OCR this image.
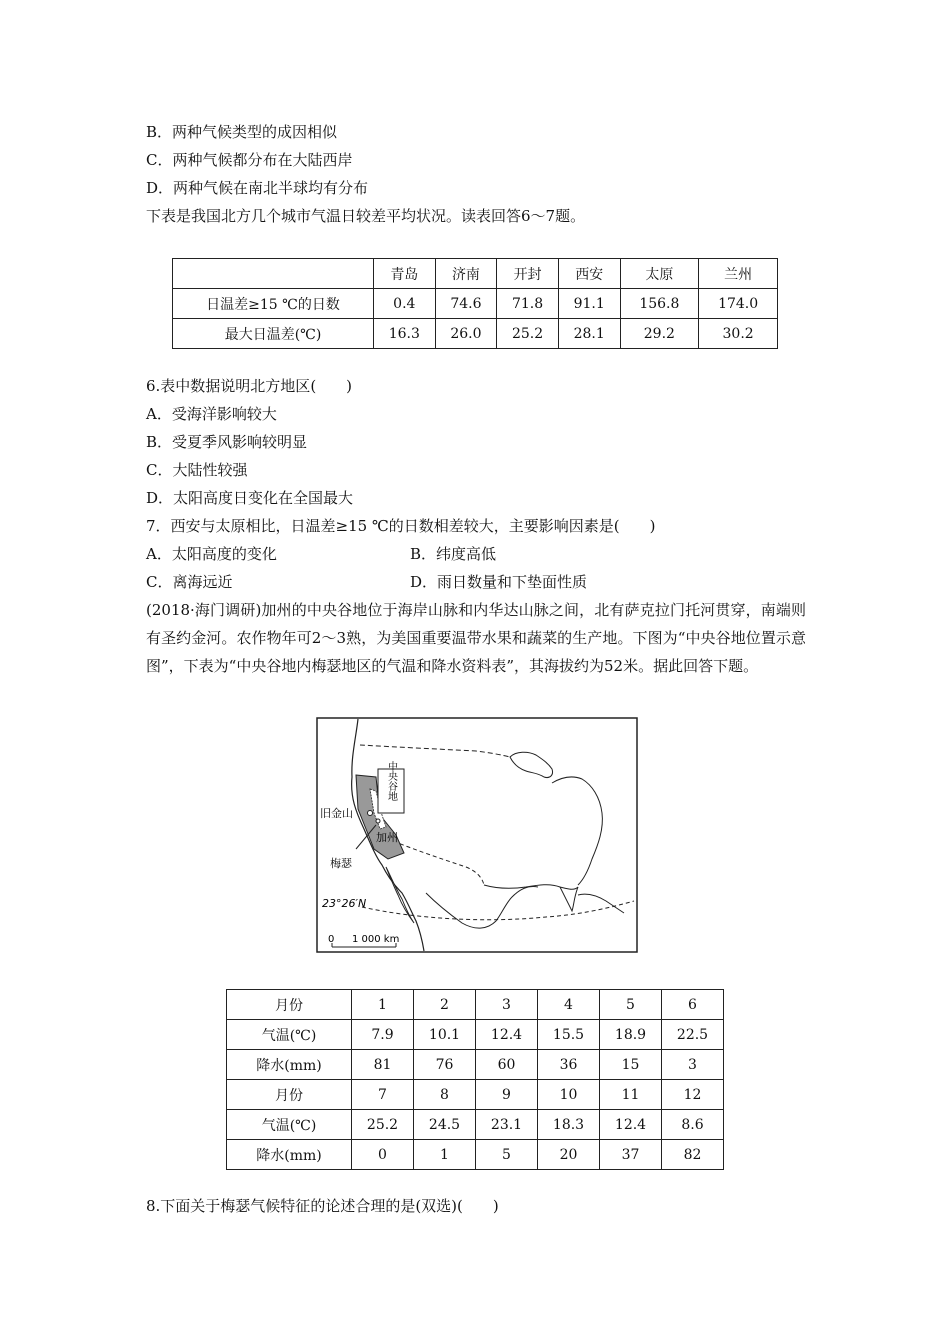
B．两种气候类型的成因相似
C．两种气候都分布在大陆西岸
D．两种气候在南北半球均有分布
下表是我国北方几个城市气温日较差平均状况。读表回答6～7题。
	青岛	济南	开封	西安	太原	兰州
日温差≥15 ℃的日数	0.4	74.6	71.8	91.1	156.8	174.0
最大日温差(℃)	16.3	26.0	25.2	28.1	29.2	30.2
6.表中数据说明北方地区(　　)
A．受海洋影响较大
B．受夏季风影响较明显
C．大陆性较强
D．太阳高度日变化在全国最大
7．西安与太原相比，日温差≥15 ℃的日数相差较大，主要影响因素是(　　)
A．太阳高度的变化	B．纬度高低
C．离海远近	D．雨日数量和下垫面性质
(2018·海门调研)加州的中央谷地位于海岸山脉和内华达山脉之间，北有萨克拉门托河贯穿，南端则有圣约金河。农作物年可2～3熟，为美国重要温带水果和蔬菜的生产地。下图为“中央谷地位置示意图”，下表为“中央谷地内梅瑟地区的气温和降水资料表”，其海拔约为52米。据此回答下题。
中央谷地
旧金山
加州
梅瑟
23°26′N
0 1 000 km
月份	1	2	3	4	5	6
气温(℃)	7.9	10.1	12.4	15.5	18.9	22.5
降水(mm)	81	76	60	36	15	3
月份	7	8	9	10	11	12
气温(℃)	25.2	24.5	23.1	18.3	12.4	8.6
降水(mm)	0	1	5	20	37	82
8.下面关于梅瑟气候特征的论述合理的是(双选)(　　)
